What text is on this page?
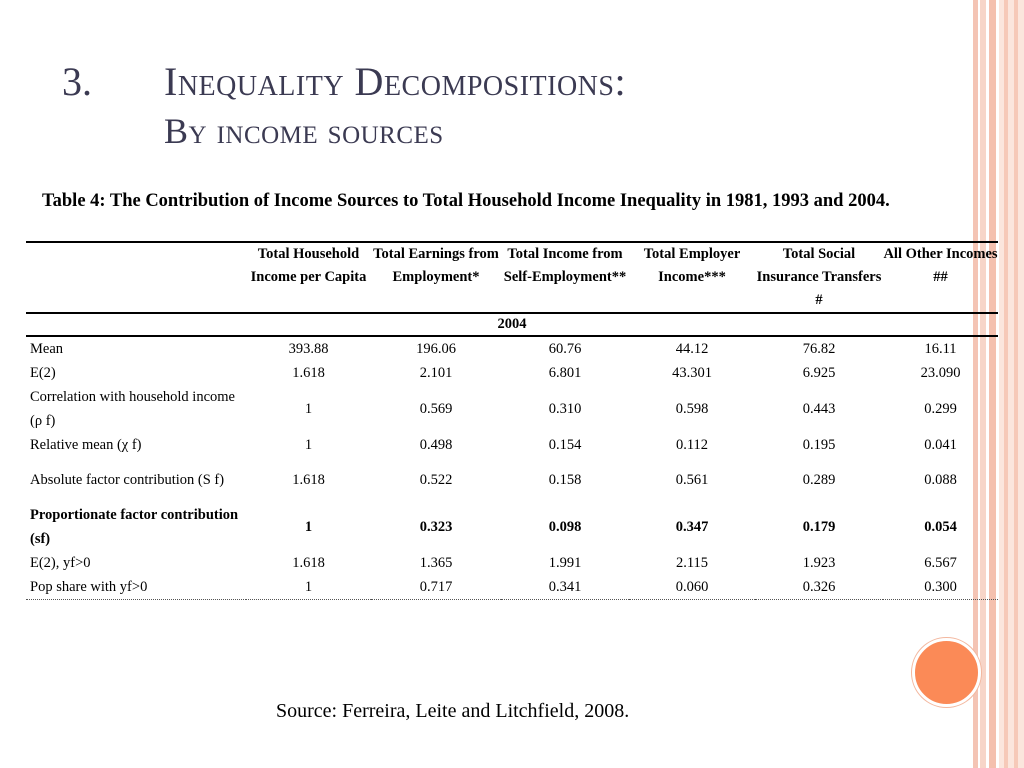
3. Inequality Decompositions:
By income sources
Table 4: The Contribution of Income Sources to Total Household Income Inequality in 1981, 1993 and 2004.
	Total Household Income per Capita	Total Earnings from Employment*	Total Income from Self-Employment**	Total Employer Income***	Total Social Insurance Transfers #	All Other Incomes ##
2004						
Mean	393.88	196.06	60.76	44.12	76.82	16.11
E(2)	1.618	2.101	6.801	43.301	6.925	23.090
Correlation with household income (ρ f)	1	0.569	0.310	0.598	0.443	0.299
Relative mean (χ f)	1	0.498	0.154	0.112	0.195	0.041
Absolute factor contribution (S f)	1.618	0.522	0.158	0.561	0.289	0.088
Proportionate factor contribution (sf)	1	0.323	0.098	0.347	0.179	0.054
E(2), yf>0	1.618	1.365	1.991	2.115	1.923	6.567
Pop share with yf>0	1	0.717	0.341	0.060	0.326	0.300
Source: Ferreira, Leite and Litchfield, 2008.
